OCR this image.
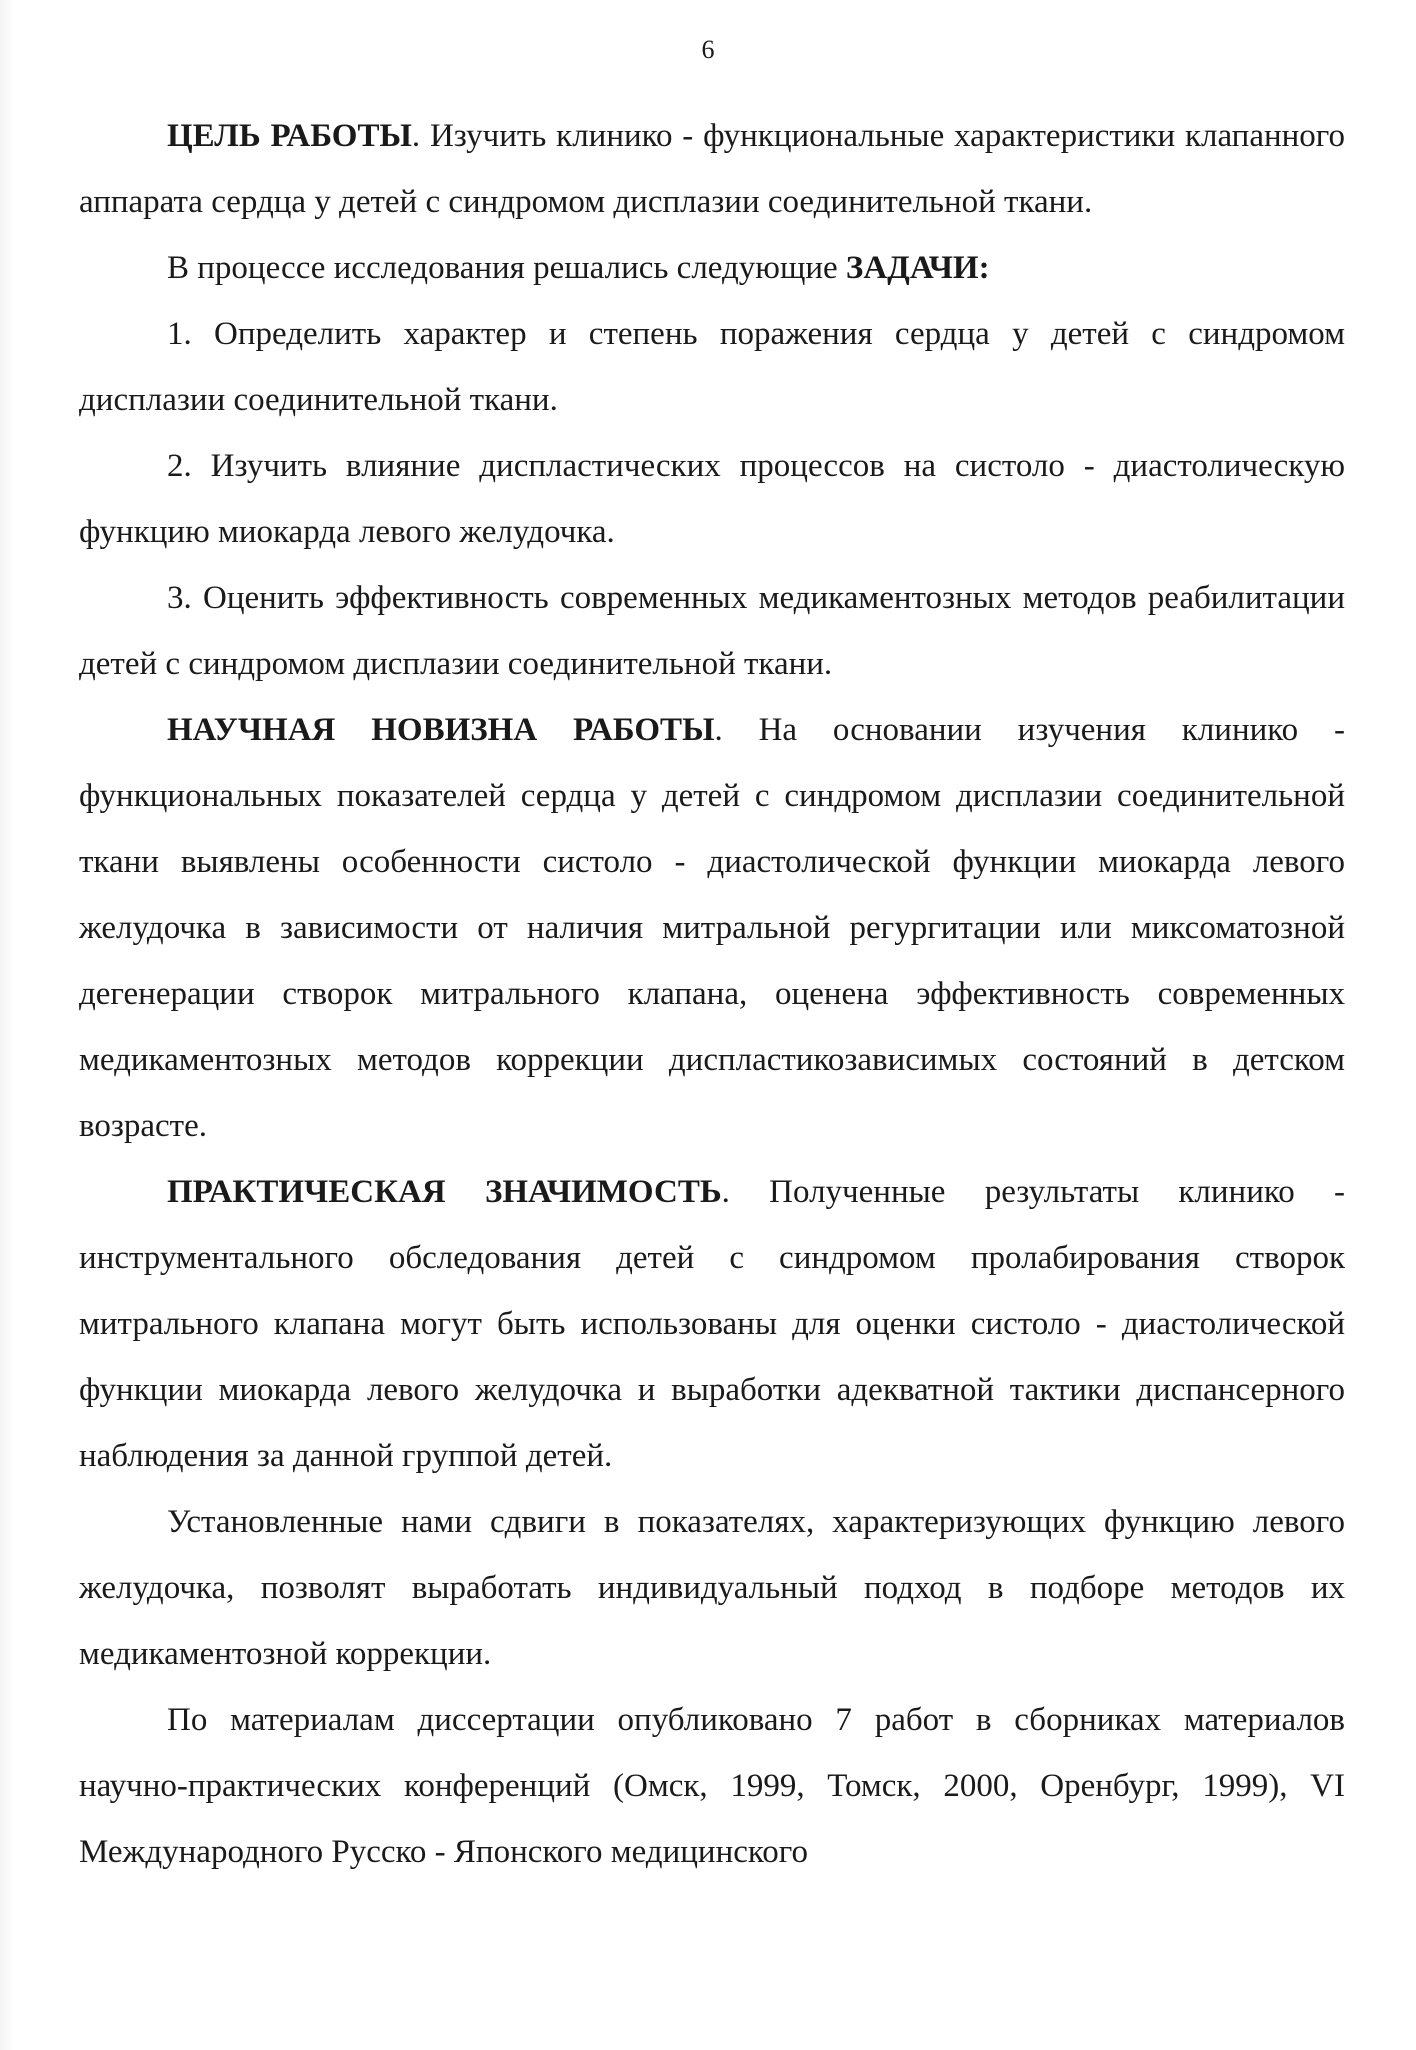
6

ЦЕЛЬ РАБОТЫ. Изучить клинико - функциональные характеристики клапанного аппарата сердца у детей с синдромом дисплазии соединительной ткани.

В процессе исследования решались следующие ЗАДАЧИ:

1. Определить характер и степень поражения сердца у детей с синдромом дисплазии соединительной ткани.

2. Изучить влияние диспластических процессов на систоло - диастолическую функцию миокарда левого желудочка.

3. Оценить эффективность современных медикаментозных методов реабилитации детей с синдромом дисплазии соединительной ткани.

НАУЧНАЯ НОВИЗНА РАБОТЫ. На основании изучения клинико - функциональных показателей сердца у детей с синдромом дисплазии соединительной ткани выявлены особенности систоло - диастолической функции миокарда левого желудочка в зависимости от наличия митральной регургитации или миксоматозной дегенерации створок митрального клапана, оценена эффективность современных медикаментозных методов коррекции диспластикозависимых состояний в детском возрасте.

ПРАКТИЧЕСКАЯ ЗНАЧИМОСТЬ. Полученные результаты клинико - инструментального обследования детей с синдромом пролабирования створок митрального клапана могут быть использованы для оценки систоло - диастолической функции миокарда левого желудочка и выработки адекватной тактики диспансерного наблюдения за данной группой детей.

Установленные нами сдвиги в показателях, характеризующих функцию левого желудочка, позволят выработать индивидуальный подход в подборе методов их медикаментозной коррекции.

По материалам диссертации опубликовано 7 работ в сборниках материалов научно-практических конференций (Омск, 1999, Томск, 2000, Оренбург, 1999), VI Международного Русско - Японского медицинского
